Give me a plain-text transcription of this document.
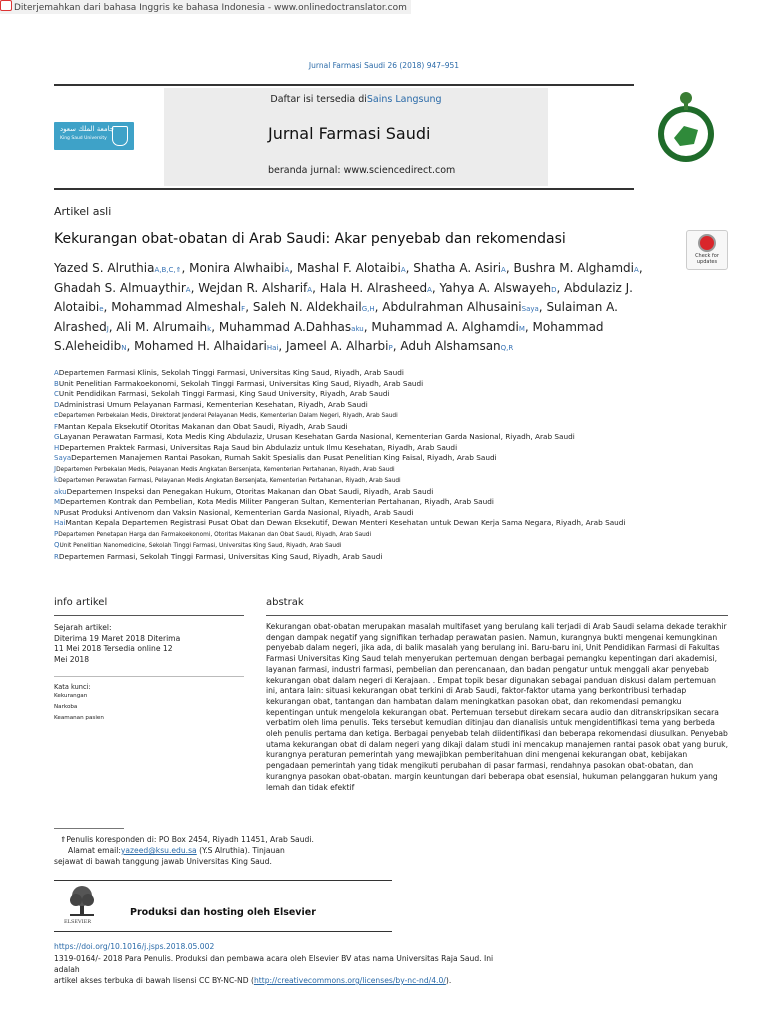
Diterjemahkan dari bahasa Inggris ke bahasa Indonesia - www.onlinedoctranslator.com
Jurnal Farmasi Saudi 26 (2018) 947–951
Daftar isi tersedia diSains Langsung
Jurnal Farmasi Saudi
beranda jurnal: www.sciencedirect.com
جامعة الملك سعود
King Saud University
Artikel asli
Kekurangan obat-obatan di Arab Saudi: Akar penyebab dan rekomendasi
Check for updates
Yazed S. AlruthiaA,B,C,⇑, Monira AlwhaibiA, Mashal F. AlotaibiA, Shatha A. AsiriA, Bushra M. AlghamdiA, Ghadah S. AlmuaythirA, Wejdan R. AlsharifA, Hala H. AlrasheedA, Yahya A. AlswayehD, Abdulaziz J. Alotaibie, Mohammad AlmeshalF, Saleh N. AldekhailG,H, Abdulrahman AlhusainiSaya, Sulaiman A. AlrashedJ, Ali M. Alrumaihk, Muhammad A.Dahhasaku, Muhammad A. AlghamdiM, Mohammad S.AleheidibN, Mohamed H. AlhaidariHai, Jameel A. AlharbiP, Aduh AlshamsanQ,R
ADepartemen Farmasi Klinis, Sekolah Tinggi Farmasi, Universitas King Saud, Riyadh, Arab Saudi
BUnit Penelitian Farmakoekonomi, Sekolah Tinggi Farmasi, Universitas King Saud, Riyadh, Arab Saudi
CUnit Pendidikan Farmasi, Sekolah Tinggi Farmasi, King Saud University, Riyadh, Arab Saudi
DAdministrasi Umum Pelayanan Farmasi, Kementerian Kesehatan, Riyadh, Arab Saudi
eDepartemen Perbekalan Medis, Direktorat Jenderal Pelayanan Medis, Kementerian Dalam Negeri, Riyadh, Arab Saudi
FMantan Kepala Eksekutif Otoritas Makanan dan Obat Saudi, Riyadh, Arab Saudi
GLayanan Perawatan Farmasi, Kota Medis King Abdulaziz, Urusan Kesehatan Garda Nasional, Kementerian Garda Nasional, Riyadh, Arab Saudi
HDepartemen Praktek Farmasi, Universitas Raja Saud bin Abdulaziz untuk Ilmu Kesehatan, Riyadh, Arab Saudi
SayaDepartemen Manajemen Rantai Pasokan, Rumah Sakit Spesialis dan Pusat Penelitian King Faisal, Riyadh, Arab Saudi
JDepartemen Perbekalan Medis, Pelayanan Medis Angkatan Bersenjata, Kementerian Pertahanan, Riyadh, Arab Saudi
kDepartemen Perawatan Farmasi, Pelayanan Medis Angkatan Bersenjata, Kementerian Pertahanan, Riyadh, Arab Saudi
akuDepartemen Inspeksi dan Penegakan Hukum, Otoritas Makanan dan Obat Saudi, Riyadh, Arab Saudi
MDepartemen Kontrak dan Pembelian, Kota Medis Militer Pangeran Sultan, Kementerian Pertahanan, Riyadh, Arab Saudi
NPusat Produksi Antivenom dan Vaksin Nasional, Kementerian Garda Nasional, Riyadh, Arab Saudi
HaiMantan Kepala Departemen Registrasi Pusat Obat dan Dewan Eksekutif, Dewan Menteri Kesehatan untuk Dewan Kerja Sama Negara, Riyadh, Arab Saudi
PDepartemen Penetapan Harga dan Farmakoekonomi, Otoritas Makanan dan Obat Saudi, Riyadh, Arab Saudi
QUnit Penelitian Nanomedicine, Sekolah Tinggi Farmasi, Universitas King Saud, Riyadh, Arab Saudi
RDepartemen Farmasi, Sekolah Tinggi Farmasi, Universitas King Saud, Riyadh, Arab Saudi
info artikel
Sejarah artikel:
Diterima 19 Maret 2018 Diterima
11 Mei 2018 Tersedia online 12
Mei 2018
Kata kunci:
Kekurangan
Narkoba
Keamanan pasien
abstrak
Kekurangan obat-obatan merupakan masalah multifaset yang berulang kali terjadi di Arab Saudi selama dekade terakhir dengan dampak negatif yang signifikan terhadap perawatan pasien. Namun, kurangnya bukti mengenai kemungkinan penyebab dalam negeri, jika ada, di balik masalah yang berulang ini. Baru-baru ini, Unit Pendidikan Farmasi di Fakultas Farmasi Universitas King Saud telah menyerukan pertemuan dengan berbagai pemangku kepentingan dari akademisi, layanan farmasi, industri farmasi, pembelian dan perencanaan, dan badan pengatur untuk menggali akar penyebab kekurangan obat dalam negeri di Kerajaan. . Empat topik besar digunakan sebagai panduan diskusi dalam pertemuan ini, antara lain: situasi kekurangan obat terkini di Arab Saudi, faktor-faktor utama yang berkontribusi terhadap kekurangan obat, tantangan dan hambatan dalam meningkatkan pasokan obat, dan rekomendasi pemangku kepentingan untuk mengelola kekurangan obat. Pertemuan tersebut direkam secara audio dan ditranskripsikan secara verbatim oleh lima penulis. Teks tersebut kemudian ditinjau dan dianalisis untuk mengidentifikasi tema yang berbeda oleh penulis pertama dan ketiga. Berbagai penyebab telah diidentifikasi dan beberapa rekomendasi diusulkan. Penyebab utama kekurangan obat di dalam negeri yang dikaji dalam studi ini mencakup manajemen rantai pasok obat yang buruk, kurangnya peraturan pemerintah yang mewajibkan pemberitahuan dini mengenai kekurangan obat, kebijakan pengadaan pemerintah yang tidak mengikuti perubahan di pasar farmasi, rendahnya pasokan obat-obatan, dan kurangnya pasokan obat-obatan. margin keuntungan dari beberapa obat esensial, hukuman pelanggaran hukum yang lemah dan tidak efektif
⇑Penulis koresponden di: PO Box 2454, Riyadh 11451, Arab Saudi.
Alamat email:yazeed@ksu.edu.sa (Y.S Alruthia). Tinjauan
sejawat di bawah tanggung jawab Universitas King Saud.
ELSEVIER
Produksi dan hosting oleh Elsevier
https://doi.org/10.1016/j.jsps.2018.05.002
1319-0164/- 2018 Para Penulis. Produksi dan pembawa acara oleh Elsevier BV atas nama Universitas Raja Saud. Ini adalah
artikel akses terbuka di bawah lisensi CC BY-NC-ND (http://creativecommons.org/licenses/by-nc-nd/4.0/).
